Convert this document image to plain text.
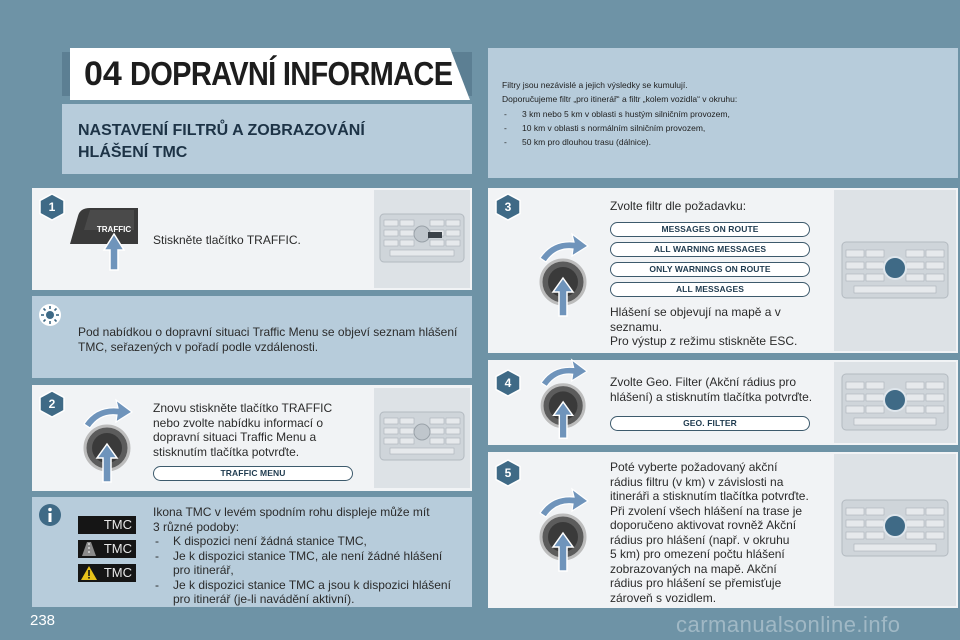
04 DOPRAVNÍ INFORMACE
NASTAVENÍ FILTRŮ A ZOBRAZOVÁNÍ
HLÁŠENÍ TMC
Filtry jsou nezávislé a jejich výsledky se kumulují.
Doporučujeme filtr „pro itinerář“ a filtr „kolem vozidla“ v okruhu:
- 3 km nebo 5 km v oblasti s hustým silničním provozem,
- 10 km v oblasti s normálním silničním provozem,
- 50 km pro dlouhou trasu (dálnice).
1
TRAFFIC
Stiskněte tlačítko TRAFFIC.
Pod nabídkou o dopravní situaci Traffic Menu se objeví seznam hlášení TMC, seřazených v pořadí podle vzdálenosti.
2	Znovu stiskněte tlačítko TRAFFIC
nebo zvolte nabídku informací o
dopravní situaci Traffic Menu a
stisknutím tlačítka potvrďte.
TRAFFIC MENU
TMC
TMC
TMC
Ikona TMC v levém spodním rohu displeje může mít
3 různé podoby:
- K dispozici není žádná stanice TMC,
- Je k dispozici stanice TMC, ale není žádné hlášení
pro itinerář,
- Je k dispozici stanice TMC a jsou k dispozici hlášení
pro itinerář (je-li navádění aktivní).
3	Zvolte filtr dle požadavku:
MESSAGES ON ROUTE
ALL WARNING MESSAGES
ONLY WARNINGS ON ROUTE
ALL MESSAGES
Hlášení se objevují na mapě a v
seznamu.
Pro výstup z režimu stiskněte ESC.
4	Zvolte Geo. Filter (Akční rádius pro
hlášení) a stisknutím tlačítka potvrďte.
GEO. FILTER
5	Poté vyberte požadovaný akční
rádius filtru (v km) v závislosti na
itineráři a stisknutím tlačítka potvrďte.
Při zvolení všech hlášení na trase je
doporučeno aktivovat rovněž Akční
rádius pro hlášení (např. v okruhu
5 km) pro omezení počtu hlášení
zobrazovaných na mapě. Akční
rádius pro hlášení se přemisťuje
zároveň s vozidlem.
238	carmanualsonline.info
